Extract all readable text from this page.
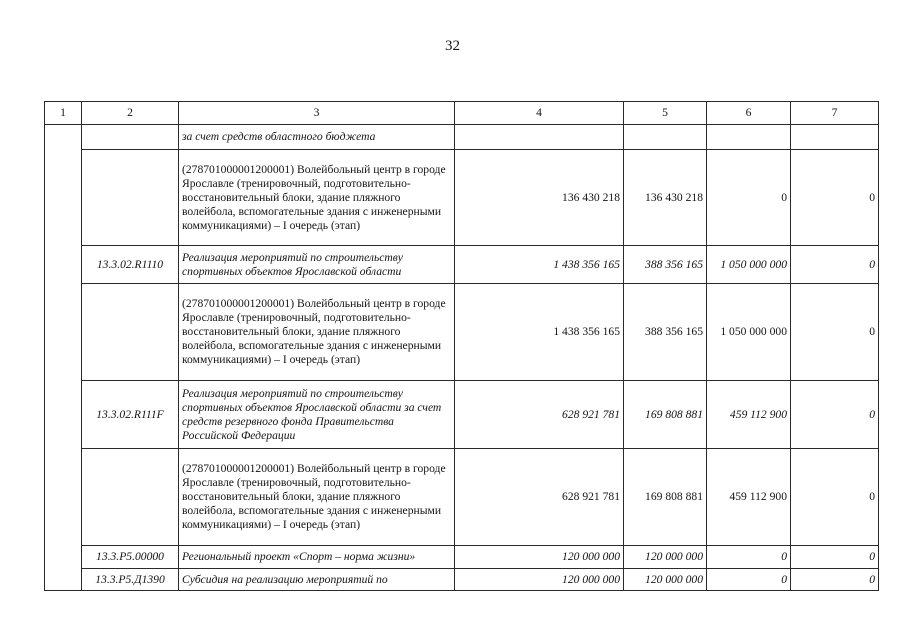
32
1	2	3	4	5	6	7
		за счет средств областного бюджета				
		(278701000001200001) Волейбольный центр в городе Ярославле (тренировочный, подготовительно-восстановительный блоки, здание пляжного волейбола, вспомогательные здания с инженерными коммуникациями) – I очередь (этап)	136 430 218	136 430 218	0	0
	13.3.02.R1110	Реализация мероприятий по строительству спортивных объектов Ярославской области	1 438 356 165	388 356 165	1 050 000 000	0
		(278701000001200001) Волейбольный центр в городе Ярославле (тренировочный, подготовительно-восстановительный блоки, здание пляжного волейбола, вспомогательные здания с инженерными коммуникациями) – I очередь (этап)	1 438 356 165	388 356 165	1 050 000 000	0
	13.3.02.R111F	Реализация мероприятий по строительству спортивных объектов Ярославской области за счет средств резервного фонда Правительства Российской Федерации	628 921 781	169 808 881	459 112 900	0
		(278701000001200001) Волейбольный центр в городе Ярославле (тренировочный, подготовительно-восстановительный блоки, здание пляжного волейбола, вспомогательные здания с инженерными коммуникациями) – I очередь (этап)	628 921 781	169 808 881	459 112 900	0
	13.3.P5.00000	Региональный проект «Спорт – норма жизни»	120 000 000	120 000 000	0	0
	13.3.P5.Д1390	Субсидия на реализацию мероприятий по	120 000 000	120 000 000	0	0
